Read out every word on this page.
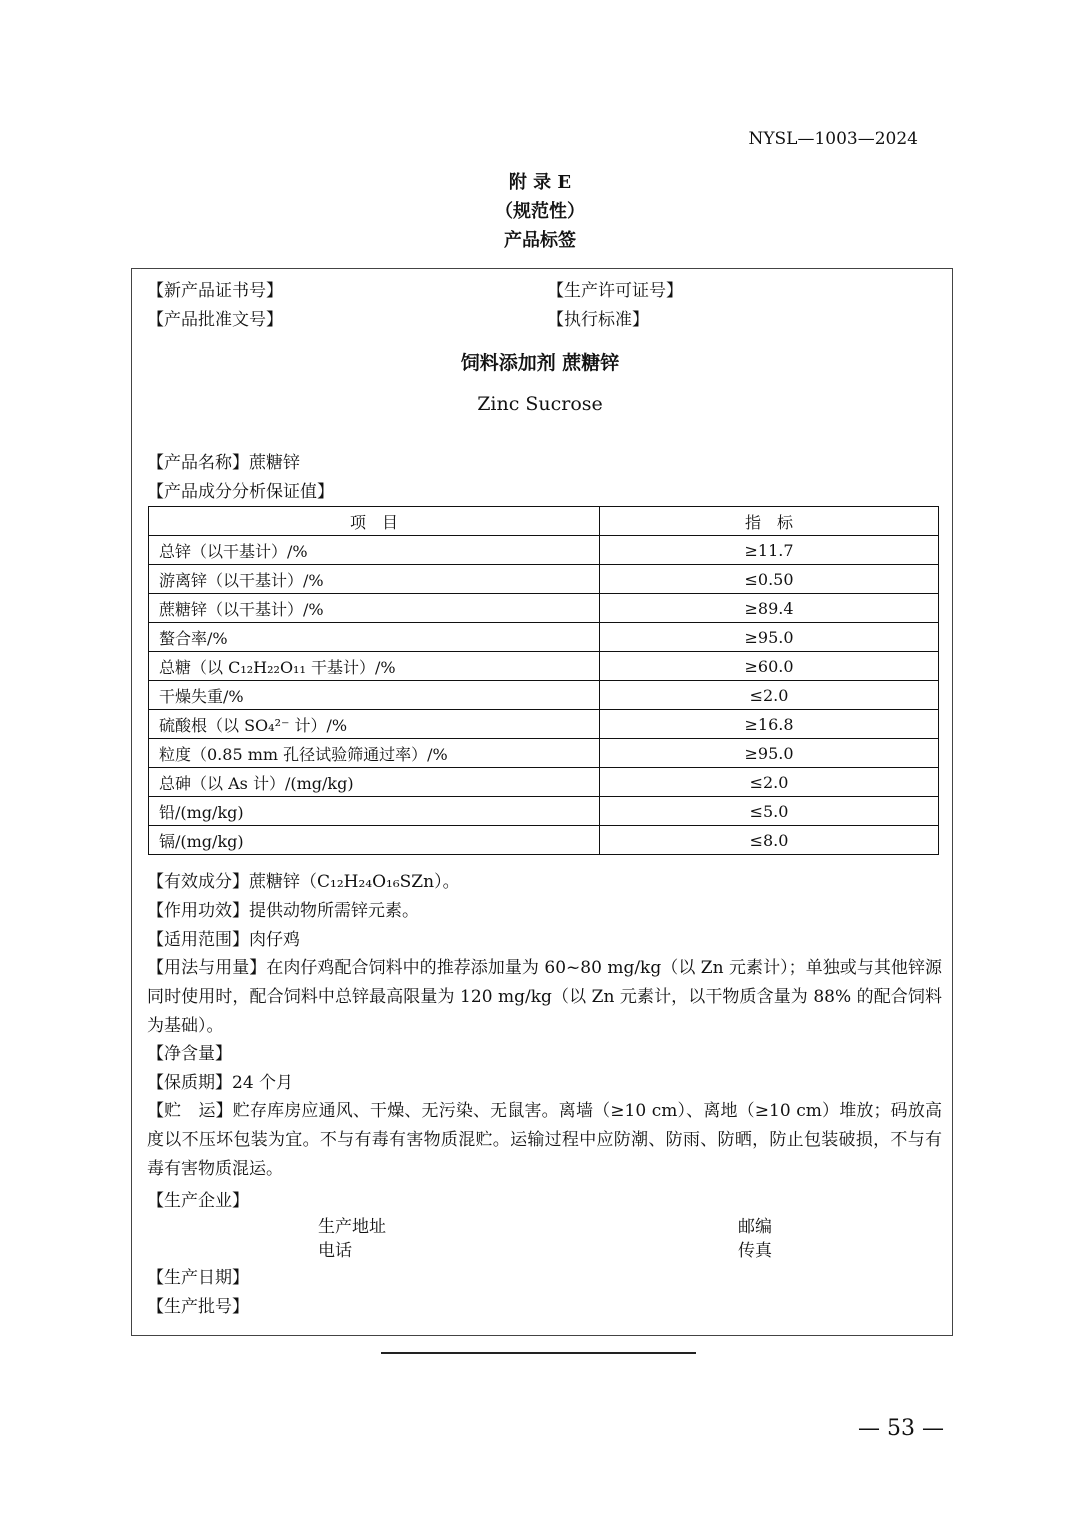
NYSL—1003—2024
附 录 E
（规范性）
产品标签
【新产品证书号】	【生产许可证号】
【产品批准文号】	【执行标准】
饲料添加剂 蔗糖锌
Zinc Sucrose
【产品名称】蔗糖锌
【产品成分分析保证值】
项　目	指　标
总锌（以干基计）/%	≥11.7
游离锌（以干基计）/%	≤0.50
蔗糖锌（以干基计）/%	≥89.4
螯合率/%	≥95.0
总糖（以 C₁₂H₂₂O₁₁ 干基计）/%	≥60.0
干燥失重/%	≤2.0
硫酸根（以 SO₄²⁻ 计）/%	≥16.8
粒度（0.85 mm 孔径试验筛通过率）/%	≥95.0
总砷（以 As 计）/(mg/kg)	≤2.0
铅/(mg/kg)	≤5.0
镉/(mg/kg)	≤8.0
【有效成分】蔗糖锌（C₁₂H₂₄O₁₆SZn）。
【作用功效】提供动物所需锌元素。
【适用范围】肉仔鸡
【用法与用量】在肉仔鸡配合饲料中的推荐添加量为 60~80 mg/kg（以 Zn 元素计）；单独或与其他锌源同时使用时，配合饲料中总锌最高限量为 120 mg/kg（以 Zn 元素计，以干物质含量为 88% 的配合饲料为基础）。
【净含量】
【保质期】24 个月
【贮　运】贮存库房应通风、干燥、无污染、无鼠害。离墙（≥10 cm）、离地（≥10 cm）堆放；码放高度以不压坏包装为宜。不与有毒有害物质混贮。运输过程中应防潮、防雨、防晒，防止包装破损，不与有毒有害物质混运。
【生产企业】
生产地址	邮编
电话	传真
【生产日期】
【生产批号】
— 53 —
